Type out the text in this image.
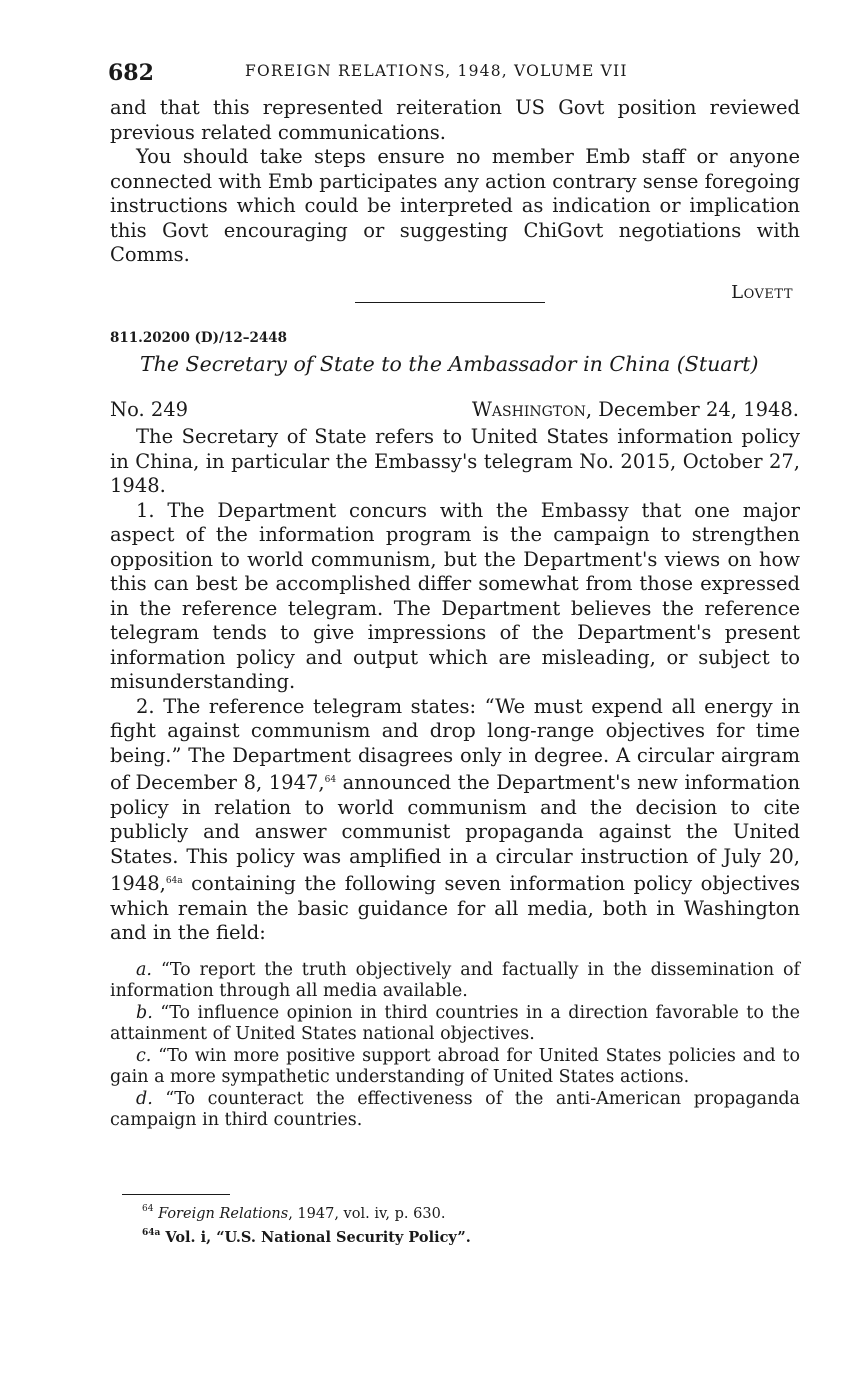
682	FOREIGN RELATIONS, 1948, VOLUME VII

and that this represented reiteration US Govt position reviewed previous related communications.

You should take steps ensure no member Emb staff or anyone connected with Emb participates any action contrary sense foregoing instructions which could be interpreted as indication or implication this Govt encouraging or suggesting ChiGovt negotiations with Comms.

Lovett
811.20200 (D)/12–2448
The Secretary of State to the Ambassador in China (Stuart)
No. 249	Washington, December 24, 1948.

The Secretary of State refers to United States information policy in China, in particular the Embassy's telegram No. 2015, October 27, 1948.

1. The Department concurs with the Embassy that one major aspect of the information program is the campaign to strengthen opposition to world communism, but the Department's views on how this can best be accomplished differ somewhat from those expressed in the reference telegram. The Department believes the reference telegram tends to give impressions of the Department's present information policy and output which are misleading, or subject to misunderstanding.

2. The reference telegram states: “We must expend all energy in fight against communism and drop long-range objectives for time being.” The Department disagrees only in degree. A circular airgram of December 8, 1947,64 announced the Department's new information policy in relation to world communism and the decision to cite publicly and answer communist propaganda against the United States. This policy was amplified in a circular instruction of July 20, 1948,$^{64a}$ containing the following seven information policy objectives which remain the basic guidance for all media, both in Washington and in the field:

a. “To report the truth objectively and factually in the dissemination of information through all media available.

b. “To influence opinion in third countries in a direction favorable to the attainment of United States national objectives.

c. “To win more positive support abroad for United States policies and to gain a more sympathetic understanding of United States actions.

d. “To counteract the effectiveness of the anti-American propaganda campaign in third countries.

$^{64}$ Foreign Relations, 1947, vol. iv, p. 630.

$^{64a}$ Vol. i, “U.S. National Security Policy”.
